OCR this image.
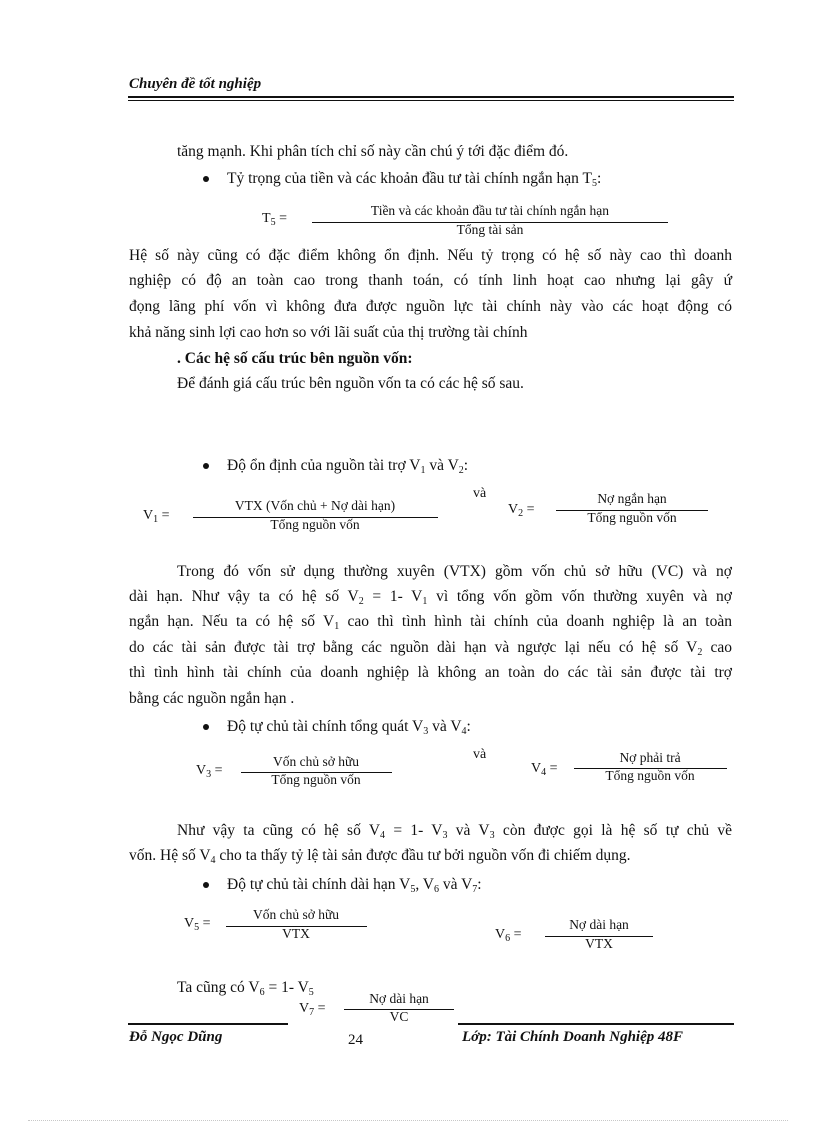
Chuyên đề tốt nghiệp
tăng mạnh. Khi phân tích chỉ số này cần chú ý tới đặc điểm đó.
Tỷ trọng của tiền và các khoản đầu tư tài chính ngắn hạn $T_5$:
$T_5$ =
Tiền và các khoản đầu tư tài chính ngắn hạn
Tổng tài sản
Hệ số này cũng có đặc điểm không ổn định. Nếu tỷ trọng có hệ số này cao thì doanh
nghiệp có độ an toàn cao trong thanh toán, có tính linh hoạt cao nhưng lại gây ứ
đọng lãng phí vốn vì không đưa được nguồn lực tài chính này vào các hoạt động có
khả năng sinh lợi cao hơn so với lãi suất của thị trường tài chính
. Các hệ số cấu trúc bên nguồn vốn:
Để đánh giá cấu trúc bên nguồn vốn ta có các hệ số sau.
Độ ổn định của nguồn tài trợ $V_1$ và $V_2$:
$V_1$ =
VTX (Vốn chủ + Nợ dài hạn)
Tổng nguồn vốn
và
$V_2$ =
Nợ ngắn hạn
Tổng nguồn vốn
Trong đó vốn sử dụng thường xuyên (VTX) gồm vốn chủ sở hữu (VC) và nợ
dài hạn. Như vậy ta có hệ số $V_2 = 1-$ $V_1$ vì tổng vốn gồm vốn thường xuyên và nợ
ngắn hạn. Nếu ta có hệ số $V_1$ cao thì tình hình tài chính của doanh nghiệp là an toàn
do các tài sản được tài trợ bằng các nguồn dài hạn và ngược lại nếu có hệ số $V_2$ cao
thì tình hình tài chính của doanh nghiệp là không an toàn do các tài sản được tài trợ
bằng các nguồn ngắn hạn .
Độ tự chủ tài chính tổng quát $V_3$ và $V_4$:
$V_3$ =
Vốn chủ sở hữu
Tổng nguồn vốn
và
$V_4$ =
Nợ phải trả
Tổng nguồn vốn
Như vậy ta cũng có hệ số $V_4 = 1-$ $V_3$ và $V_3$ còn được gọi là hệ số tự chủ về
vốn. Hệ số $V_4$ cho ta thấy tỷ lệ tài sản được đầu tư bởi nguồn vốn đi chiếm dụng.
Độ tự chủ tài chính dài hạn $V_5$, $V_6$ và $V_7$:
$V_5$ =
Vốn chủ sở hữu
VTX	$V_6$ =
Nợ dài hạn
VTX
Ta cũng có $V_6 = 1-$ $V_5$
$V_7$ =
Nợ dài hạn
VC
Đỗ Ngọc Dũng	24	Lớp: Tài Chính Doanh Nghiệp 48F
